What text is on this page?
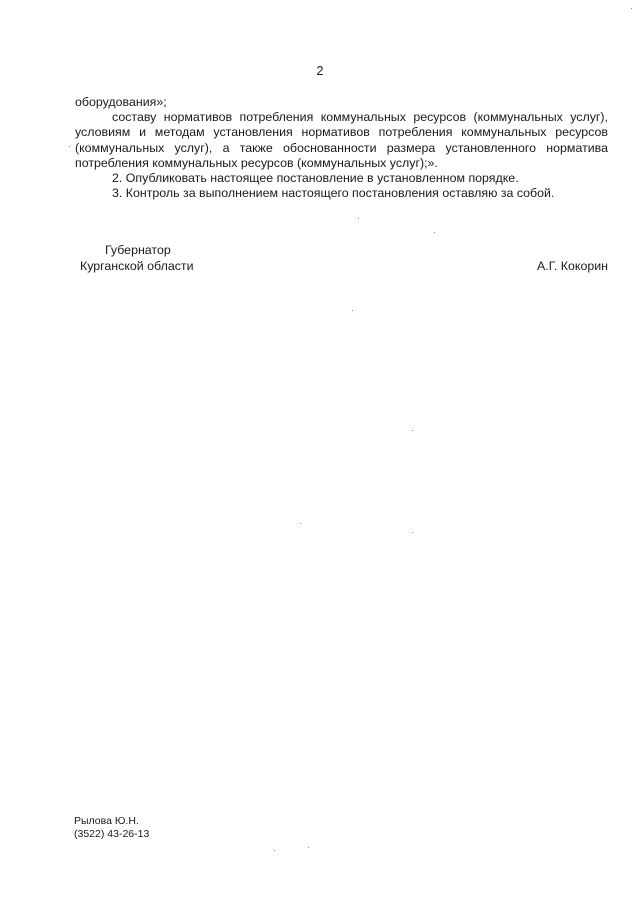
2

оборудования»;

составу нормативов потребления коммунальных ресурсов (коммунальных услуг), условиям и методам установления нормативов потребления коммунальных ресурсов (коммунальных услуг), а также обоснованности размера установленного норматива потребления коммунальных ресурсов (коммунальных услуг);».

2. Опубликовать настоящее постановление в установленном порядке.

3. Контроль за выполнением настоящего постановления оставляю за собой.

Губернатор
Курганской области	А.Г. Кокорин
Рылова Ю.Н.
(3522) 43-26-13
